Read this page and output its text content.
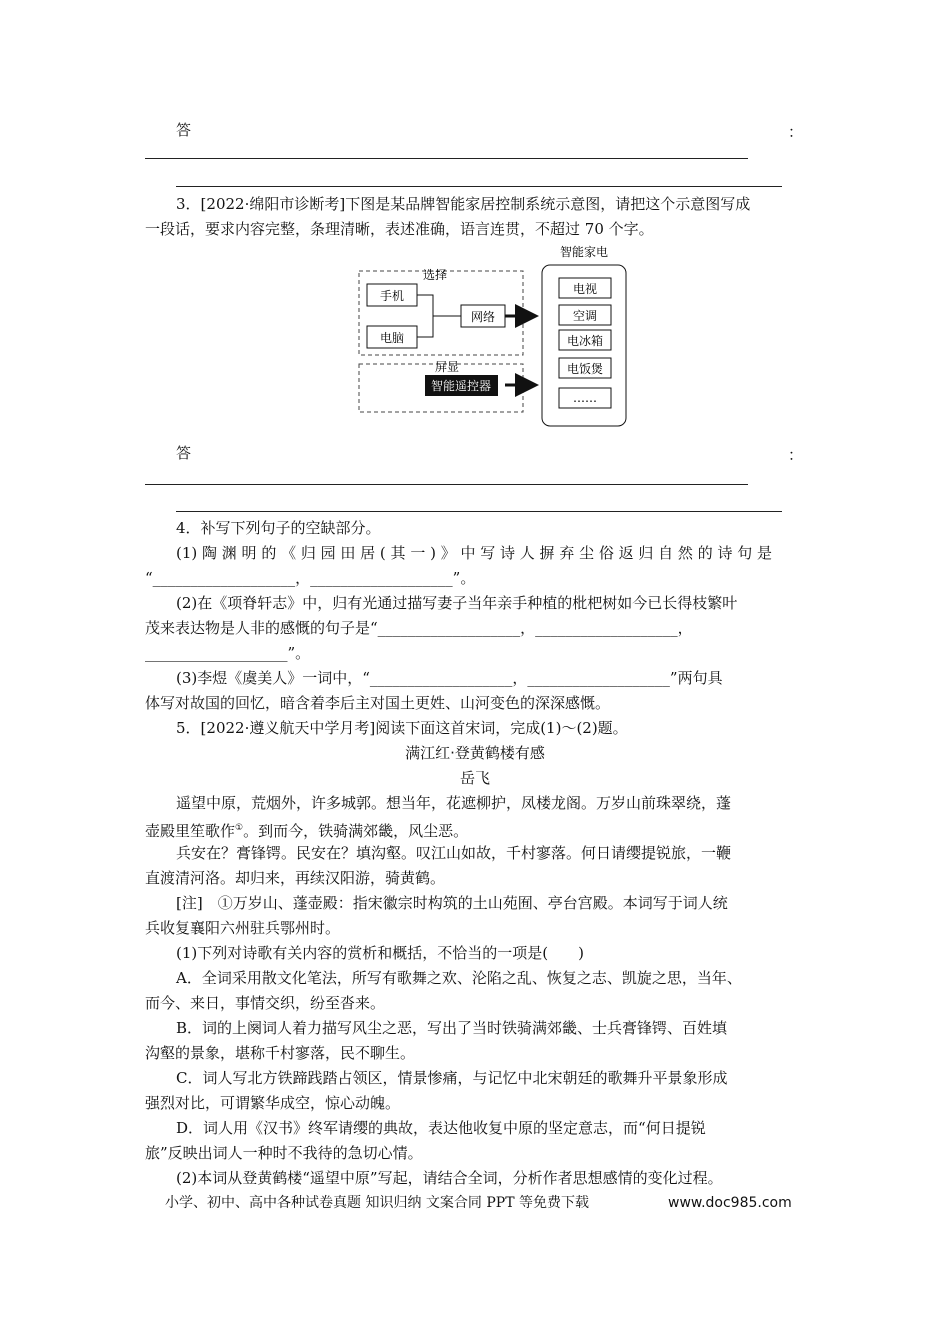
答	：
3．[2022·绵阳市诊断考]下图是某品牌智能家居控制系统示意图，请把这个示意图写成
一段话，要求内容完整，条理清晰，表述准确，语言连贯，不超过 70 个字。
选择
手机
电脑
网络
屏显
智能遥控器
智能家电
电视
空调
电冰箱
电饭煲
……
答	：
4．补写下列句子的空缺部分。
(1) 陶 渊 明 的 《 归 园 田 居 ( 其 一 ) 》 中 写 诗 人 摒 弃 尘 俗 返 归 自 然 的 诗 句 是
“___________________，___________________”。
(2)在《项脊轩志》中，归有光通过描写妻子当年亲手种植的枇杷树如今已长得枝繁叶
茂来表达物是人非的感慨的句子是“___________________，___________________，
___________________”。
(3)李煜《虞美人》一词中，“___________________，___________________”两句具
体写对故国的回忆，暗含着李后主对国土更姓、山河变色的深深感慨。
5．[2022·遵义航天中学月考]阅读下面这首宋词，完成(1)～(2)题。
满江红·登黄鹤楼有感
岳飞
遥望中原，荒烟外，许多城郭。想当年，花遮柳护，凤楼龙阁。万岁山前珠翠绕，蓬
壶殿里笙歌作①。到而今，铁骑满郊畿，风尘恶。
兵安在？膏锋锷。民安在？填沟壑。叹江山如故，千村寥落。何日请缨提锐旅，一鞭
直渡清河洛。却归来，再续汉阳游，骑黄鹤。
[注]　①万岁山、蓬壶殿：指宋徽宗时构筑的土山苑囿、亭台宫殿。本词写于词人统
兵收复襄阳六州驻兵鄂州时。
(1)下列对诗歌有关内容的赏析和概括，不恰当的一项是(　　)
A．全词采用散文化笔法，所写有歌舞之欢、沦陷之乱、恢复之志、凯旋之思，当年、
而今、来日，事情交织，纷至沓来。
B．词的上阕词人着力描写风尘之恶，写出了当时铁骑满郊畿、士兵膏锋锷、百姓填
沟壑的景象，堪称千村寥落，民不聊生。
C．词人写北方铁蹄践踏占领区，情景惨痛，与记忆中北宋朝廷的歌舞升平景象形成
强烈对比，可谓繁华成空，惊心动魄。
D．词人用《汉书》终军请缨的典故，表达他收复中原的坚定意志，而“何日提锐
旅”反映出词人一种时不我待的急切心情。
(2)本词从登黄鹤楼“遥望中原”写起，请结合全词，分析作者思想感情的变化过程。
小学、初中、高中各种试卷真题 知识归纳 文案合同 PPT 等免费下载	www.doc985.com
